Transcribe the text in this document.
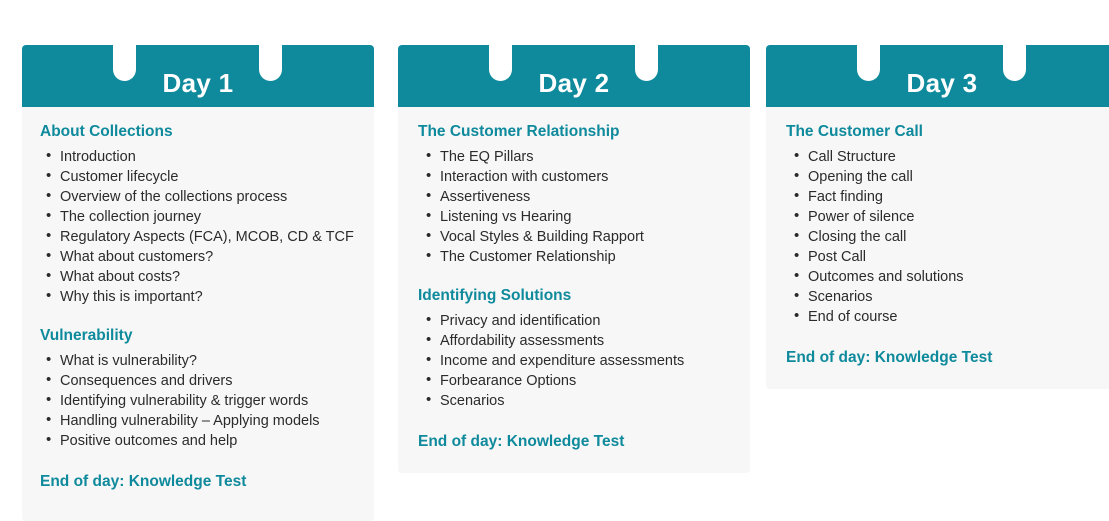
Day 1
About Collections
• Introduction
• Customer lifecycle
• Overview of the collections process
• The collection journey
• Regulatory Aspects (FCA), MCOB, CD & TCF
• What about customers?
• What about costs?
• Why this is important?
Vulnerability
• What is vulnerability?
• Consequences and drivers
• Identifying vulnerability & trigger words
• Handling vulnerability – Applying models
• Positive outcomes and help
End of day: Knowledge Test
Day 2
The Customer Relationship
• The EQ Pillars
• Interaction with customers
• Assertiveness
• Listening vs Hearing
• Vocal Styles & Building Rapport
• The Customer Relationship
Identifying Solutions
• Privacy and identification
• Affordability assessments
• Income and expenditure assessments
• Forbearance Options
• Scenarios
End of day: Knowledge Test
Day 3
The Customer Call
• Call Structure
• Opening the call
• Fact finding
• Power of silence
• Closing the call
• Post Call
• Outcomes and solutions
• Scenarios
• End of course
End of day: Knowledge Test
